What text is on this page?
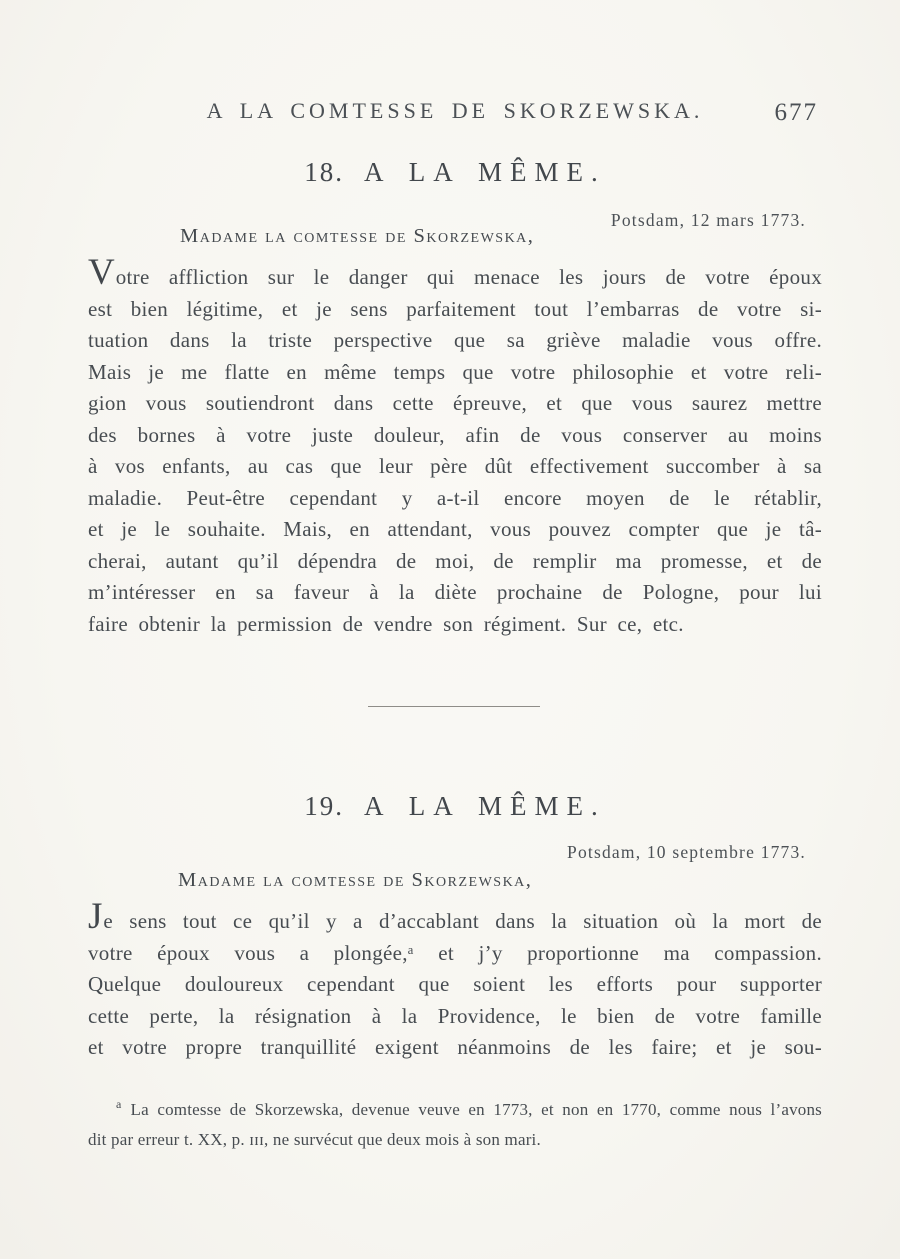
A LA COMTESSE DE SKORZEWSKA.	677
18. A LA MÊME.
Potsdam, 12 mars 1773.
Madame la comtesse de Skorzewska,
Votre affliction sur le danger qui menace les jours de votre époux
est bien légitime, et je sens parfaitement tout l’embarras de votre si-
tuation dans la triste perspective que sa griève maladie vous offre.
Mais je me flatte en même temps que votre philosophie et votre reli-
gion vous soutiendront dans cette épreuve, et que vous saurez mettre
des bornes à votre juste douleur, afin de vous conserver au moins
à vos enfants, au cas que leur père dût effectivement succomber à sa
maladie. Peut-être cependant y a-t-il encore moyen de le rétablir,
et je le souhaite. Mais, en attendant, vous pouvez compter que je tâ-
cherai, autant qu’il dépendra de moi, de remplir ma promesse, et de
m’intéresser en sa faveur à la diète prochaine de Pologne, pour lui
faire obtenir la permission de vendre son régiment. Sur ce, etc.
19. A LA MÊME.
Potsdam, 10 septembre 1773.
Madame la comtesse de Skorzewska,
Je sens tout ce qu’il y a d’accablant dans la situation où la mort de
votre époux vous a plongée,ᵃ et j’y proportionne ma compassion.
Quelque douloureux cependant que soient les efforts pour supporter
cette perte, la résignation à la Providence, le bien de votre famille
et votre propre tranquillité exigent néanmoins de les faire; et je sou-
$^a$ La comtesse de Skorzewska, devenue veuve en 1773, et non en 1770, comme nous l’avons
dit par erreur t. XX, p. ɪɪɪ, ne survécut que deux mois à son mari.
